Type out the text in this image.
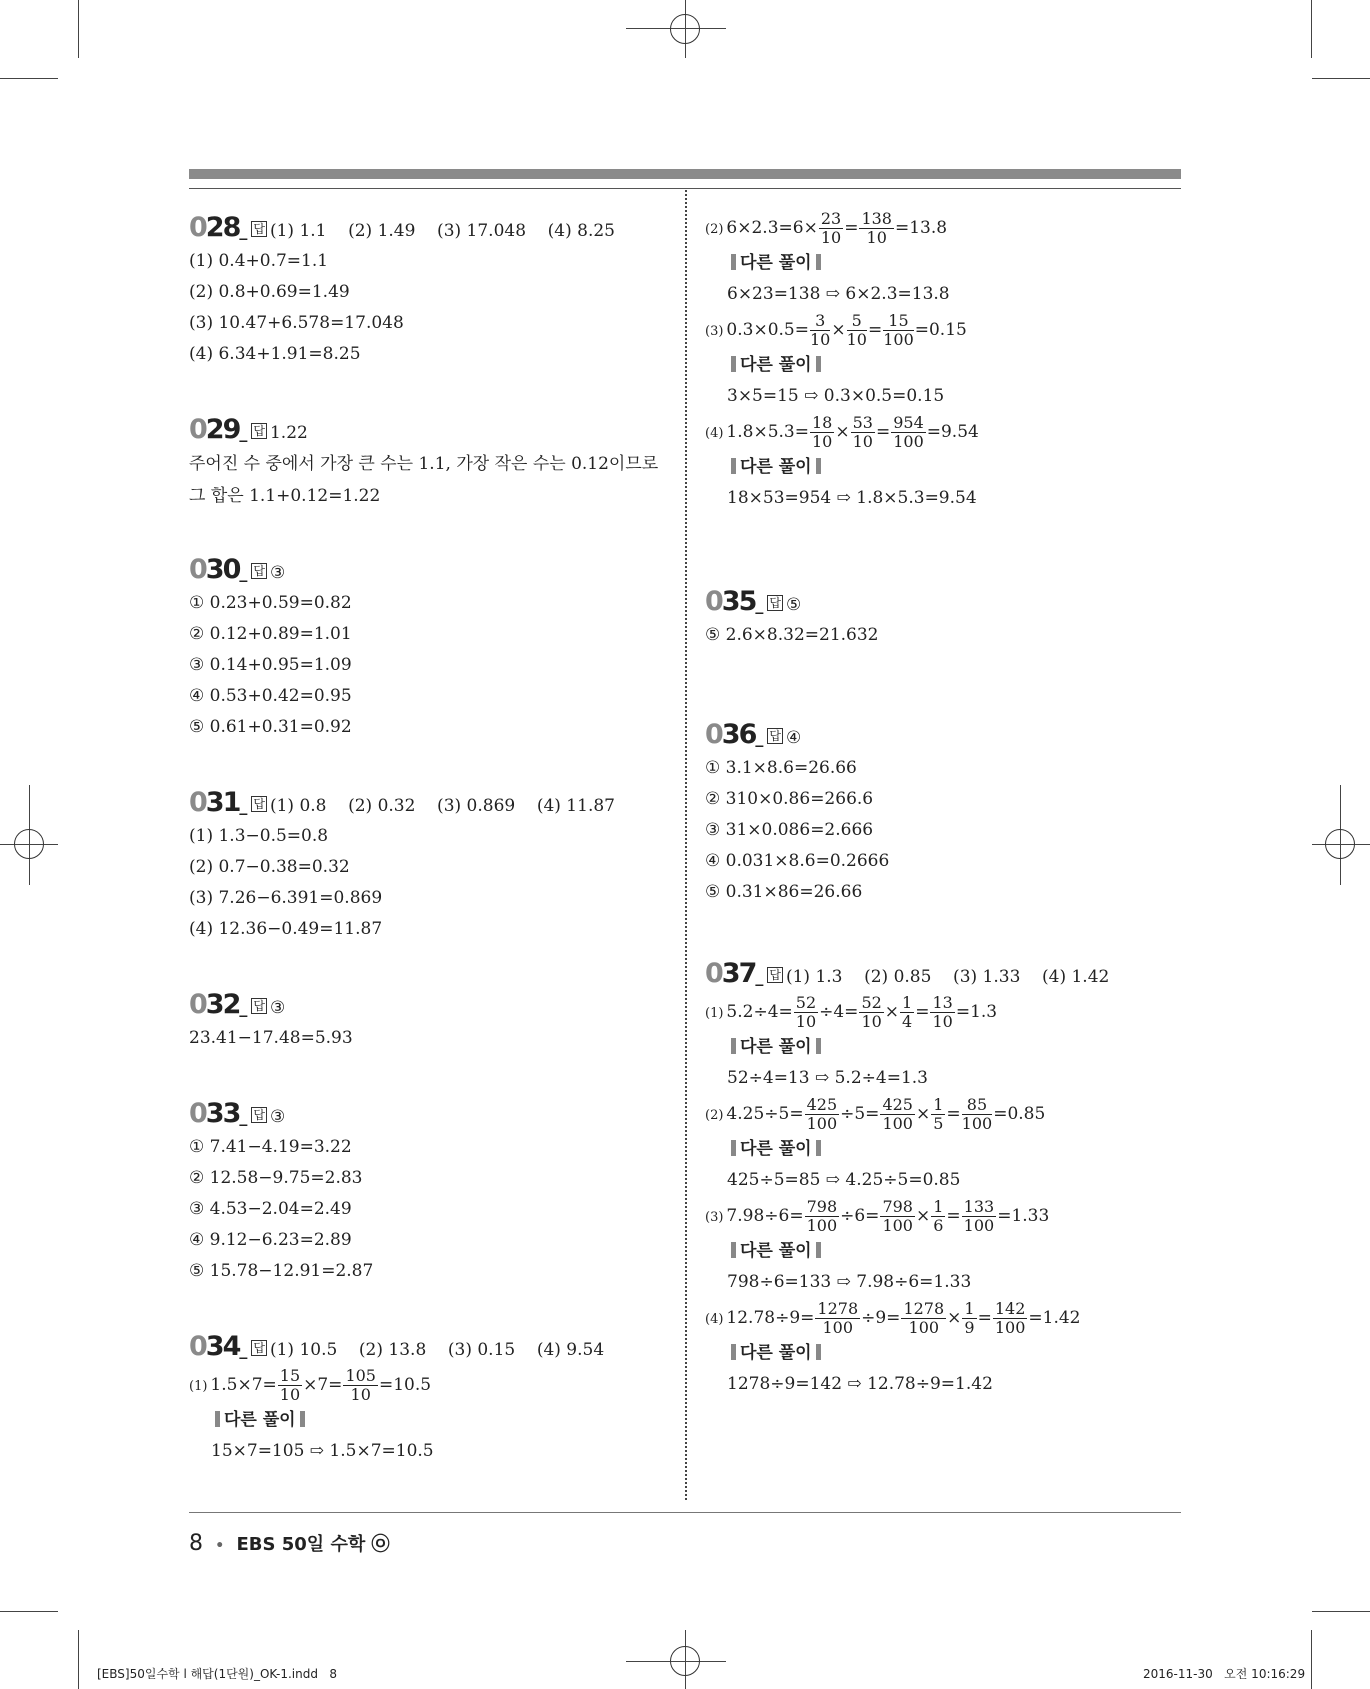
028_ 답 (1) 1.1    (2) 1.49    (3) 17.048    (4) 8.25
(1) 0.4+0.7=1.1
(2) 0.8+0.69=1.49
(3) 10.47+6.578=17.048
(4) 6.34+1.91=8.25
029_ 답 1.22
주어진 수 중에서 가장 큰 수는 1.1, 가장 작은 수는 0.12이므로
그 합은 1.1+0.12=1.22
030_ 답 ③
① 0.23+0.59=0.82
② 0.12+0.89=1.01
③ 0.14+0.95=1.09
④ 0.53+0.42=0.95
⑤ 0.61+0.31=0.92
031_ 답 (1) 0.8    (2) 0.32    (3) 0.869    (4) 11.87
(1) 1.3−0.5=0.8
(2) 0.7−0.38=0.32
(3) 7.26−6.391=0.869
(4) 12.36−0.49=11.87
032_ 답 ③
23.41−17.48=5.93
033_ 답 ③
① 7.41−4.19=3.22
② 12.58−9.75=2.83
③ 4.53−2.04=2.49
④ 9.12−6.23=2.89
⑤ 15.78−12.91=2.87
034_ 답 (1) 10.5    (2) 13.8    (3) 0.15    (4) 9.54
(1) $1.5\times 7= \frac{15}{10} \times 7= \frac{105}{10} =10.5$
다른 풀이
15×7=105 ⇨ 1.5×7=10.5
(2) $6\times 2.3=6\times \frac{23}{10} = \frac{138}{10} =13.8$
다른 풀이
6×23=138 ⇨ 6×2.3=13.8
(3) $0.3\times 0.5= \frac{3}{10} \times \frac{5}{10} = \frac{15}{100} =0.15$
다른 풀이
3×5=15 ⇨ 0.3×0.5=0.15
(4) $1.8\times 5.3= \frac{18}{10} \times \frac{53}{10} = \frac{954}{100} =9.54$
다른 풀이
18×53=954 ⇨ 1.8×5.3=9.54
035_ 답 ⑤
⑤ 2.6×8.32=21.632
036_ 답 ④
① 3.1×8.6=26.66
② 310×0.86=266.6
③ 31×0.086=2.666
④ 0.031×8.6=0.2666
⑤ 0.31×86=26.66
037_ 답 (1) 1.3    (2) 0.85    (3) 1.33    (4) 1.42
(1) $5.2\div 4= \frac{52}{10} \div 4= \frac{52}{10} \times \frac{1}{4} = \frac{13}{10} =1.3$
다른 풀이
52÷4=13 ⇨ 5.2÷4=1.3
(2) $4.25\div 5= \frac{425}{100} \div 5= \frac{425}{100} \times \frac{1}{5} = \frac{85}{100} =0.85$
다른 풀이
425÷5=85 ⇨ 4.25÷5=0.85
(3) $7.98\div 6= \frac{798}{100} \div 6= \frac{798}{100} \times \frac{1}{6} = \frac{133}{100} =1.33$
다른 풀이
798÷6=133 ⇨ 7.98÷6=1.33
(4) $12.78\div 9= \frac{1278}{100} \div 9= \frac{1278}{100} \times \frac{1}{9} = \frac{142}{100} =1.42$
다른 풀이
1278÷9=142 ⇨ 12.78÷9=1.42
8 • EBS 50일 수학 ㉧
[EBS]50일수학 l 해답(1단원)_OK-1.indd   8	2016-11-30   오전 10:16:29
